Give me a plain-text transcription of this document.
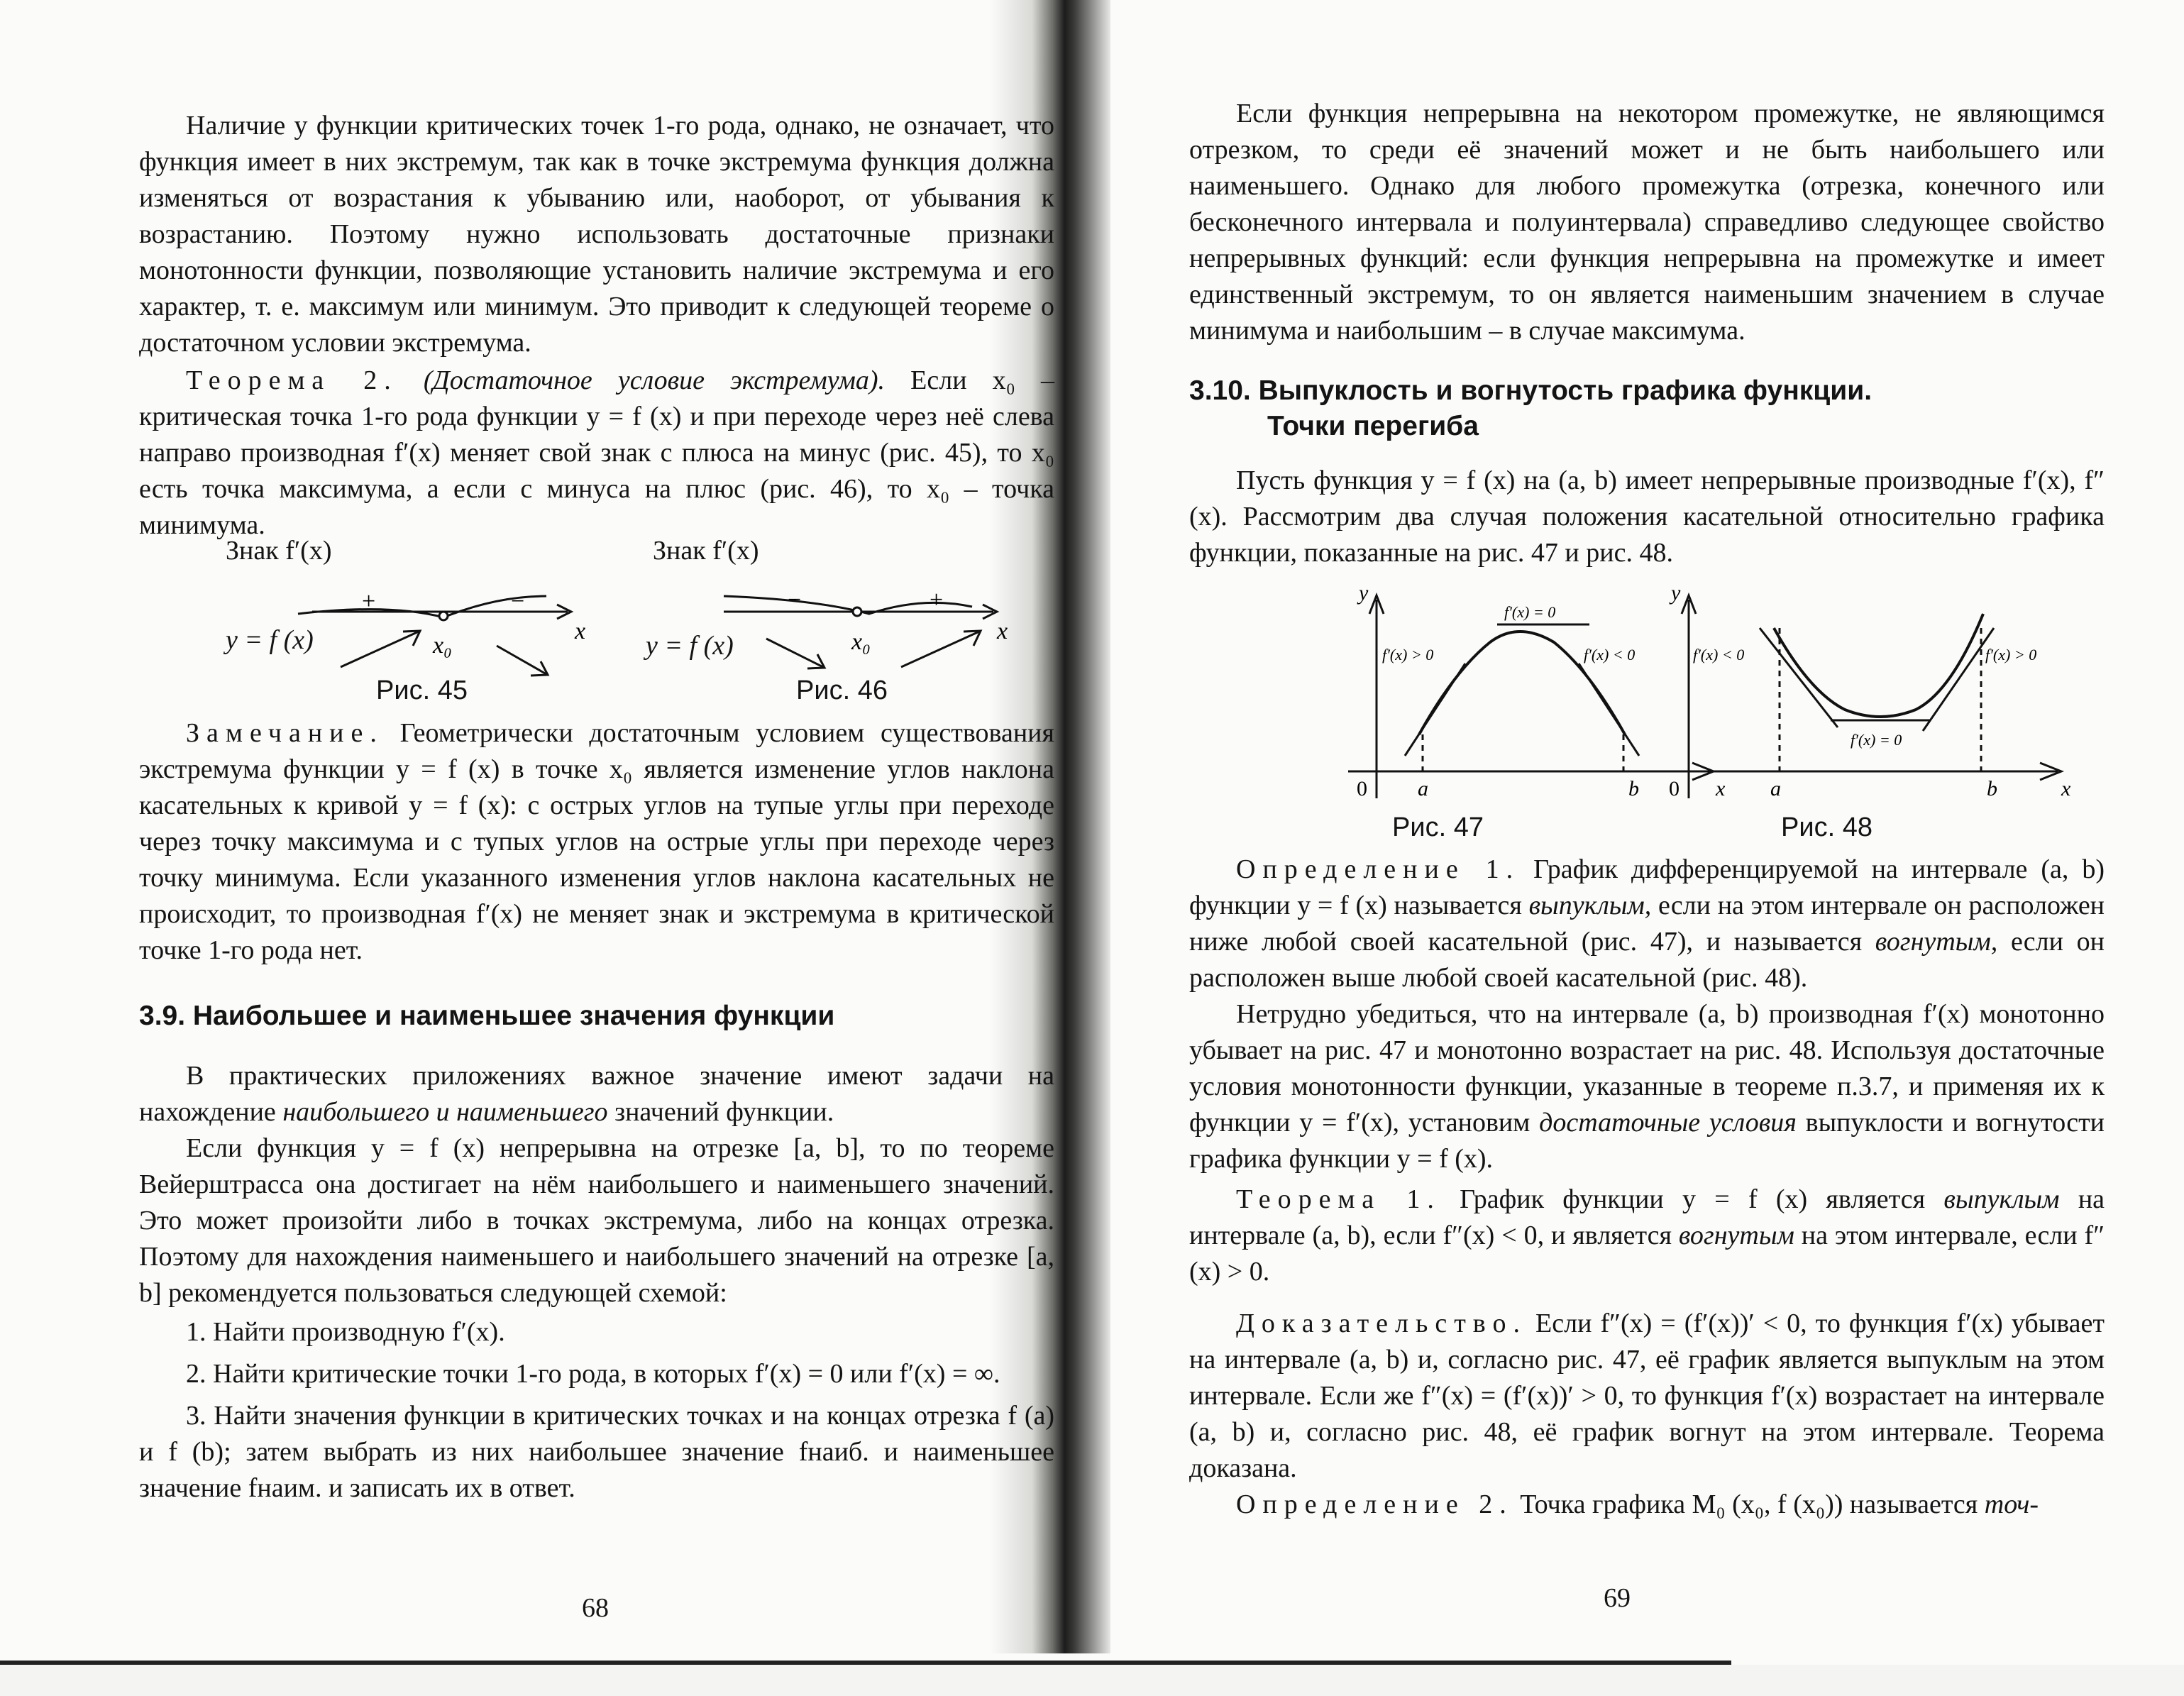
Наличие у функции критических точек 1-го рода, однако, не означает, что функция имеет в них экстремум, так как в точке экстремума функция должна изменяться от возрастания к убыванию или, наоборот, от убывания к возрастанию. Поэтому нужно использовать достаточные признаки монотонности функции, позволяющие установить наличие экстремума и его характер, т. е. максимум или минимум. Это приводит к следующей теореме о достаточном условии экстремума.

Теорема 2. (Достаточное условие экстремума). Если x₀ – критическая точка 1-го рода функции y = f (x) и при переходе через неё слева направо производная f′(x) меняет свой знак с плюса на минус (рис. 45), то x₀ есть точка максимума, а если с минуса на плюс (рис. 46), то x₀ – точка минимума.

Знак f′(x)
+	−
x₀
x
y = f (x)
Рис. 45
Знак f′(x)
−	+
x₀	x
y = f (x)
Рис. 46

Замечание. Геометрически достаточным условием существования экстремума функции y = f (x) в точке x₀ является изменение углов наклона касательных к кривой y = f (x): с острых углов на тупые углы при переходе через точку максимума и с тупых углов на острые углы при переходе через точку минимума. Если указанного изменения углов наклона касательных не происходит, то производная f′(x) не меняет знак и экстремума в критической точке 1-го рода нет.

3.9. Наибольшее и наименьшее значения функции

В практических приложениях важное значение имеют задачи на нахождение наибольшего и наименьшего значений функции.

Если функция y = f (x) непрерывна на отрезке [a, b], то по теореме Вейерштрасса она достигает на нём наибольшего и наименьшего значений. Это может произойти либо в точках экстремума, либо на концах отрезка. Поэтому для нахождения наименьшего и наибольшего значений на отрезке [a, b] рекомендуется пользоваться следующей схемой:

1. Найти производную f′(x).

2. Найти критические точки 1-го рода, в которых f′(x) = 0 или f′(x) = ∞.

3. Найти значения функции в критических точках и на концах отрезка f (a) и f (b); затем выбрать из них наибольшее значение fнаиб. и наименьшее значение fнаим. и записать их в ответ.

68

Если функция непрерывна на некотором промежутке, не являющимся отрезком, то среди её значений может и не быть наибольшего или наименьшего. Однако для любого промежутка (отрезка, конечного или бесконечного интервала и полуинтервала) справедливо следующее свойство непрерывных функций: если функция непрерывна на промежутке и имеет единственный экстремум, то он является наименьшим значением в случае минимума и наибольшим – в случае максимума.

3.10. Выпуклость и вогнутость графика функции.
Точки перегиба

Пусть функция y = f (x) на (a, b) имеет непрерывные производные f′(x), f″(x). Рассмотрим два случая положения касательной относительно графика функции, показанные на рис. 47 и рис. 48.

y
x
0 a	b
f′(x) = 0
f′(x) > 0	f′(x) < 0
Рис. 47
y
x
0	a	b
f′(x) = 0
f′(x) < 0	f′(x) > 0
Рис. 48

Определение 1. График дифференцируемой на интервале (a, b) функции y = f (x) называется выпуклым, если на этом интервале он расположен ниже любой своей касательной (рис. 47), и называется вогнутым, если он расположен выше любой своей касательной (рис. 48).

Нетрудно убедиться, что на интервале (a, b) производная f′(x) монотонно убывает на рис. 47 и монотонно возрастает на рис. 48. Используя достаточные условия монотонности функции, указанные в теореме п.3.7, и применяя их к функции y = f′(x), установим достаточные условия выпуклости и вогнутости графика функции y = f (x).

Теорема 1. График функции y = f (x) является выпуклым на интервале (a, b), если f″(x) < 0, и является вогнутым на этом интервале, если f″(x) > 0.

Доказательство. Если f″(x) = (f′(x))′ < 0, то функция f′(x) убывает на интервале (a, b) и, согласно рис. 47, её график является выпуклым на этом интервале. Если же f″(x) = (f′(x))′ > 0, то функция f′(x) возрастает на интервале (a, b) и, согласно рис. 48, её график вогнут на этом интервале. Теорема доказана.

Определение 2. Точка графика M₀ (x₀, f (x₀)) называется точ-

69
